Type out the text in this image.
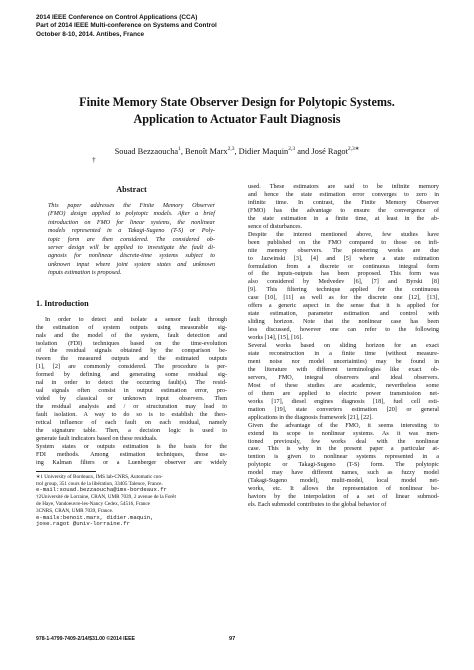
2014 IEEE Conference on Control Applications (CCA)
Part of 2014 IEEE Multi-conference on Systems and Control
October 8-10, 2014. Antibes, France
Finite Memory State Observer Design for Polytopic Systems.
Application to Actuator Fault Diagnosis
Souad Bezzaoucha$^1$, Benoît Marx$^{2,3}$, Didier Maquin$^{2,3}$ and José Ragot$^{2,3∗}$
†
Abstract
This paper addresses the Finite Memory Observer
(FMO) design applied to polytopic models. After a brief
introduction on FMO for linear systems, the nonlinear
models represented in a Takagi-Sugeno (T-S) or Poly-
topic form are then considered. The considered ob-
server design will be applied to investigate the fault di-
agnosis for nonlinear discrete-time systems subject to
unknown input where joint system states and unknown
inputs estimation is proposed.
1. Introduction
In order to detect and isolate a sensor fault through
the estimation of system outputs using measurable sig-
nals and the model of the system, fault detection and
isolation (FDI) techniques based on the time-evolution
of the residual signals obtained by the comparison be-
tween the measured outputs and the estimated outputs
[1], [2] are commonly considered. The procedure is per-
formed by defining and generating some residual sig-
nal in order to detect the occurring fault(s). The resid-
ual signals often consist in output estimation error, pro-
vided by classical or unknown input observers. Then
the residual analysis and / or structuration may lead to
fault isolation. A way to do so is to establish the theo-
retical influence of each fault on each residual, namely
the signature table. Then, a decision logic is used to
generate fault indicators based on these residuals.
System states or outputs estimation is the basis for the
FDI methods. Among estimation techniques, those us-
ing Kalman filters or a Luenberger observer are widely
∗1 University of Bordeaux, IMS lab-CNRS, Automatic con-
trol group, 351 cours de la libération, 33405 Talence, France.
e-mail:souad.bezzaoucha@ims-bordeaux.fr
†2Université de Lorraine, CRAN, UMR 7039, 2 avenue de la Forêt
de Haye, Vandoeuvre-les-Nancy Cedex, 54516, France
3CNRS, CRAN, UMR 7039, France.
e-mails:benoit.marx, didier.maquin,
jose.ragot @univ-lorraine.fr
used. These estimators are said to be infinite memory
and hence the state estimation error converges to zero in
infinite time. In contrast, the Finite Memory Observer
(FMO) has the advantage to ensure the convergence of
the state estimation in a finite time, at least in the ab-
sence of disturbances.
Despite the interest mentioned above, few studies have
been published on the FMO compared to those on infi-
nite memory observers. The pioneering works are due
to Jazwinski [3], [4] and [5] where a state estimation
formulation from a discrete or continuous integral form
of the inputs-outputs has been proposed. This form was
also considered by Medvedev [6], [7] and Byrski [8]
[9]. This filtering technique applied for the continuous
case [10], [11] as well as for the discrete one [12], [13],
offers a generic aspect in the sense that it is applied for
state estimation, parameter estimation and control with
sliding horizon. Note that the nonlinear case has been
less discussed, however one can refer to the following
works [14], [15], [16].
Several works based on sliding horizon for an exact
state reconstruction in a finite time (without measure-
ment noise nor model uncertainties) may be found in
the literature with different terminologies like exact ob-
servers, FMO, integral observers and ideal observers.
Most of these studies are academic, nevertheless some
of them are applied to electric power transmission net-
works [17], diesel engines diagnosis [18], fuel cell esti-
mation [19], state converters estimation [20] or general
applications in the diagnosis framework [21], [22].
Given the advantage of the FMO, it seems interesting to
extend its scope to nonlinear systems. As it was men-
tioned previously, few works deal with the nonlinear
case. This is why in the present paper a particular at-
tention is given to nonlinear systems represented in a
polytopic or Takagi-Sugeno (T-S) form. The polytopic
model may have different names, such as fuzzy model
(Takagi-Sugeno model), multi-model, local model net-
works, etc. It allows the representation of nonlinear be-
haviors by the interpolation of a set of linear submod-
els. Each submodel contributes to the global behavior of
978-1-4799-7409-2/14/$31.00 ©2014 IEEE	97
